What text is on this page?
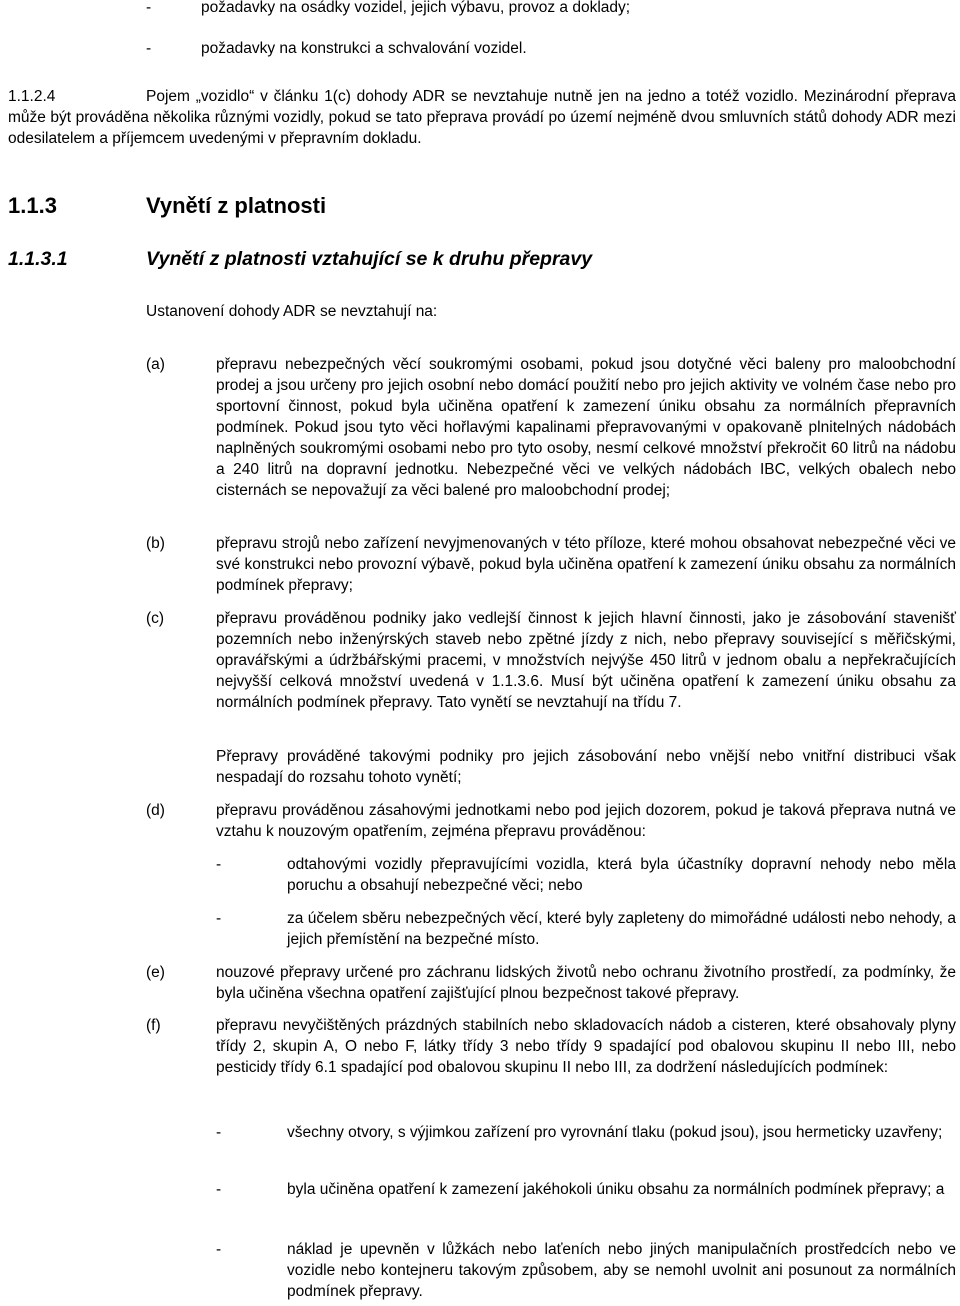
-	požadavky na osádky vozidel, jejich výbavu, provoz a doklady;
-	požadavky na konstrukci a schvalování vozidel.
1.1.2.4	Pojem „vozidlo“ v článku 1(c) dohody ADR se nevztahuje nutně jen na jedno a totéž vozidlo. Mezinárodní přeprava může být prováděna několika různými vozidly, pokud se tato přeprava provádí po území nejméně dvou smluvních států dohody ADR mezi odesilatelem a příjemcem uvedenými v přepravním dokladu.
1.1.3	Vynětí z platnosti
1.1.3.1	Vynětí z platnosti vztahující se k druhu přepravy
Ustanovení dohody ADR se nevztahují na:
(a)	přepravu nebezpečných věcí soukromými osobami, pokud jsou dotyčné věci baleny pro maloobchodní prodej a jsou určeny pro jejich osobní nebo domácí použití nebo pro jejich aktivity ve volném čase nebo pro sportovní činnost, pokud byla učiněna opatření k zamezení úniku obsahu za normálních přepravních podmínek. Pokud jsou tyto věci hořlavými kapalinami přepravovanými v opakovaně plnitelných nádobách naplněných soukromými osobami nebo pro tyto osoby, nesmí celkové množství překročit 60 litrů na nádobu a 240 litrů na dopravní jednotku. Nebezpečné věci ve velkých nádobách IBC, velkých obalech nebo cisternách se nepovažují za věci balené pro maloobchodní prodej;
(b)	přepravu strojů nebo zařízení nevyjmenovaných v této příloze, které mohou obsahovat nebezpečné věci ve své konstrukci nebo provozní výbavě, pokud byla učiněna opatření k zamezení úniku obsahu za normálních podmínek přepravy;
(c)	přepravu prováděnou podniky jako vedlejší činnost k jejich hlavní činnosti, jako je zásobování stavenišť pozemních nebo inženýrských staveb nebo zpětné jízdy z nich, nebo přepravy související s měřičskými, opravářskými a údržbářskými pracemi, v množstvích nejvýše 450 litrů v jednom obalu a nepřekračujících nejvyšší celková množství uvedená v 1.1.3.6. Musí být učiněna opatření k zamezení úniku obsahu za normálních podmínek přepravy. Tato vynětí se nevztahují na třídu 7.
Přepravy prováděné takovými podniky pro jejich zásobování nebo vnější nebo vnitřní distribuci však nespadají do rozsahu tohoto vynětí;
(d)	přepravu prováděnou zásahovými jednotkami nebo pod jejich dozorem, pokud je taková přeprava nutná ve vztahu k nouzovým opatřením, zejména přepravu prováděnou:
-	odtahovými vozidly přepravujícími vozidla, která byla účastníky dopravní nehody nebo měla poruchu a obsahují nebezpečné věci; nebo
-	za účelem sběru nebezpečných věcí, které byly zapleteny do mimořádné události nebo nehody, a jejich přemístění na bezpečné místo.
(e)	nouzové přepravy určené pro záchranu lidských životů nebo ochranu životního prostředí, za podmínky, že byla učiněna všechna opatření zajišťující plnou bezpečnost takové přepravy.
(f)	přepravu nevyčištěných prázdných stabilních nebo skladovacích nádob a cisteren, které obsahovaly plyny třídy 2, skupin A, O nebo F, látky třídy 3 nebo třídy 9 spadající pod obalovou skupinu II nebo III, nebo pesticidy třídy 6.1 spadající pod obalovou skupinu II nebo III, za dodržení následujících podmínek:
-	všechny otvory, s výjimkou zařízení pro vyrovnání tlaku (pokud jsou), jsou hermeticky uzavřeny;
-	byla učiněna opatření k zamezení jakéhokoli úniku obsahu za normálních podmínek přepravy; a
-	náklad je upevněn v lůžkách nebo laťeních nebo jiných manipulačních prostředcích nebo ve vozidle nebo kontejneru takovým způsobem, aby se nemohl uvolnit ani posunout za normálních podmínek přepravy.
